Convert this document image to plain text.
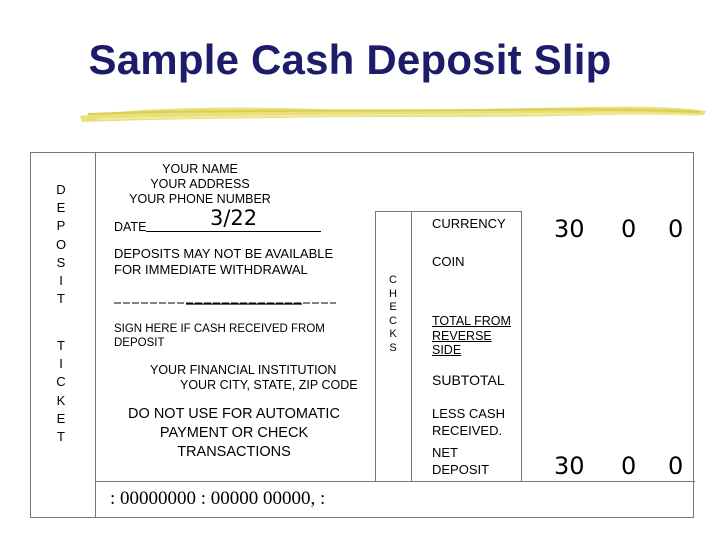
Sample Cash Deposit Slip
D
E
P
O
S
I
T
T
I
C
K
E
T
YOUR NAME
YOUR ADDRESS
YOUR PHONE NUMBER
DATE	3/22
DEPOSITS MAY NOT BE AVAILABLE
FOR IMMEDIATE WITHDRAWAL
SIGN HERE IF CASH RECEIVED FROM
DEPOSIT
YOUR FINANCIAL INSTITUTION
YOUR CITY, STATE, ZIP CODE
DO NOT USE FOR AUTOMATIC
PAYMENT OR CHECK
TRANSACTIONS
: 00000000 : 00000 00000, :
C
H
E
C
K
S
CURRENCY
COIN
TOTAL FROM
REVERSE
SIDE
SUBTOTAL
LESS CASH
RECEIVED.
NET
DEPOSIT
30 0 0
30 0 0
